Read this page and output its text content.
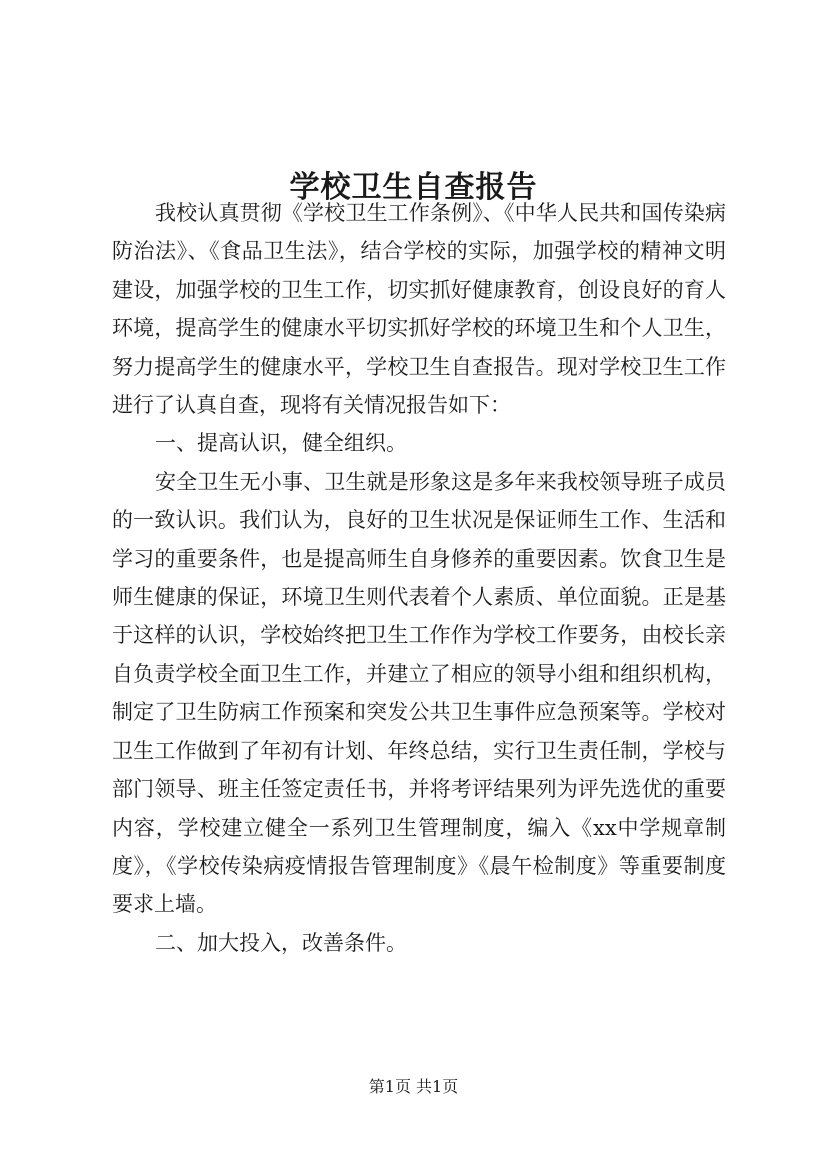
学校卫生自查报告

我校认真贯彻《学校卫生工作条例》、《中华人民共和国传染病防治法》、《食品卫生法》，结合学校的实际，加强学校的精神文明建设，加强学校的卫生工作，切实抓好健康教育，创设良好的育人环境，提高学生的健康水平切实抓好学校的环境卫生和个人卫生，努力提高学生的健康水平，学校卫生自查报告。现对学校卫生工作进行了认真自查，现将有关情况报告如下：

一、提高认识，健全组织。

安全卫生无小事、卫生就是形象这是多年来我校领导班子成员的一致认识。我们认为，良好的卫生状况是保证师生工作、生活和学习的重要条件，也是提高师生自身修养的重要因素。饮食卫生是师生健康的保证，环境卫生则代表着个人素质、单位面貌。正是基于这样的认识，学校始终把卫生工作作为学校工作要务，由校长亲自负责学校全面卫生工作，并建立了相应的领导小组和组织机构，制定了卫生防病工作预案和突发公共卫生事件应急预案等。学校对卫生工作做到了年初有计划、年终总结，实行卫生责任制，学校与部门领导、班主任签定责任书，并将考评结果列为评先选优的重要内容，学校建立健全一系列卫生管理制度，编入《xx中学规章制度》，《学校传染病疫情报告管理制度》《晨午检制度》等重要制度要求上墙。

二、加大投入，改善条件。

第1页 共1页
